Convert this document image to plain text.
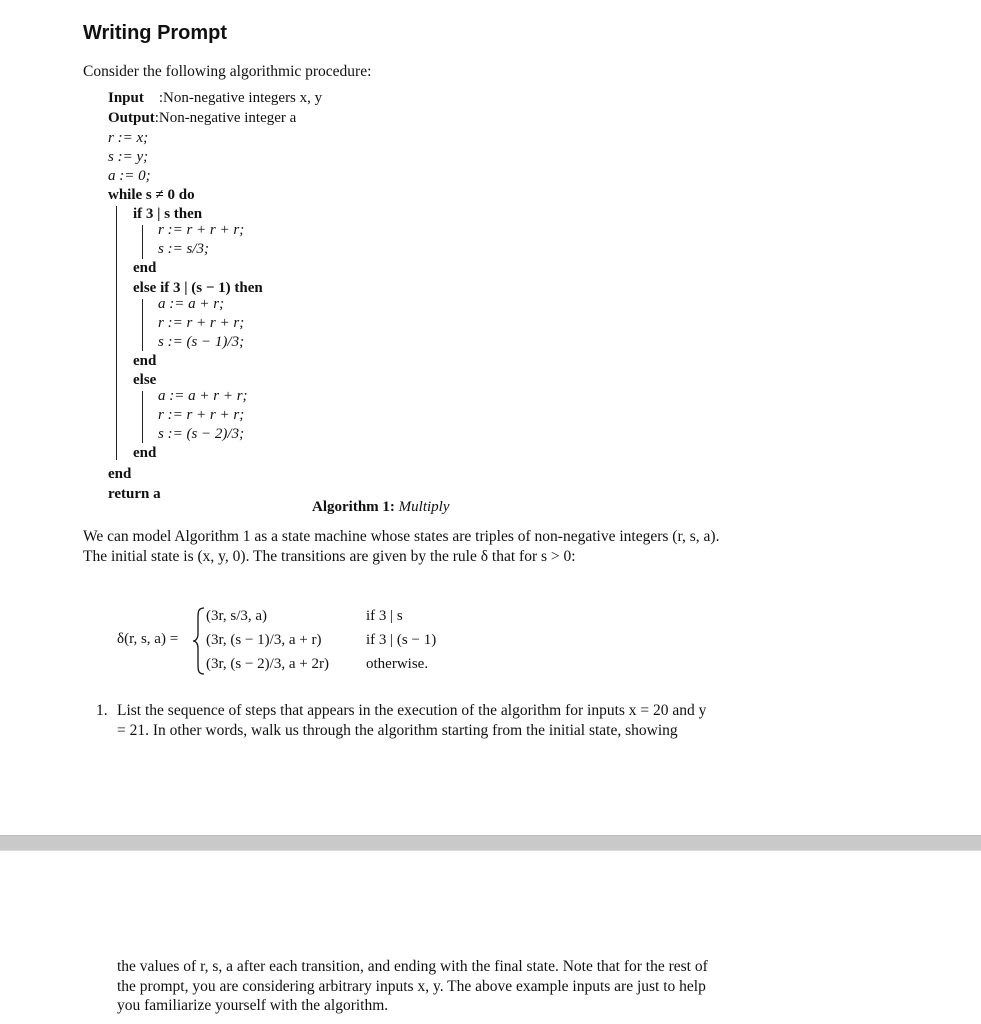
Writing Prompt
Consider the following algorithmic procedure:
Input :Non-negative integers x, y
Output:Non-negative integer a
r := x;
s := y;
a := 0;
while s ≠ 0 do
if 3 | s then
r := r + r + r;
s := s/3;
end
else if 3 | (s − 1) then
a := a + r;
r := r + r + r;
s := (s − 1)/3;
end
else
a := a + r + r;
r := r + r + r;
s := (s − 2)/3;
end
end
return a
Algorithm 1: Multiply
We can model Algorithm 1 as a state machine whose states are triples of non-negative integers (r, s, a). The initial state is (x, y, 0). The transitions are given by the rule δ that for s > 0:
δ(r, s, a) =
(3r, s/3, a)	if 3 | s
(3r, (s − 1)/3, a + r)	if 3 | (s − 1)
(3r, (s − 2)/3, a + 2r) otherwise.
1. List the sequence of steps that appears in the execution of the algorithm for inputs x = 20 and y = 21. In other words, walk us through the algorithm starting from the initial state, showing
the values of r, s, a after each transition, and ending with the final state. Note that for the rest of the prompt, you are considering arbitrary inputs x, y. The above example inputs are just to help you familiarize yourself with the algorithm.
